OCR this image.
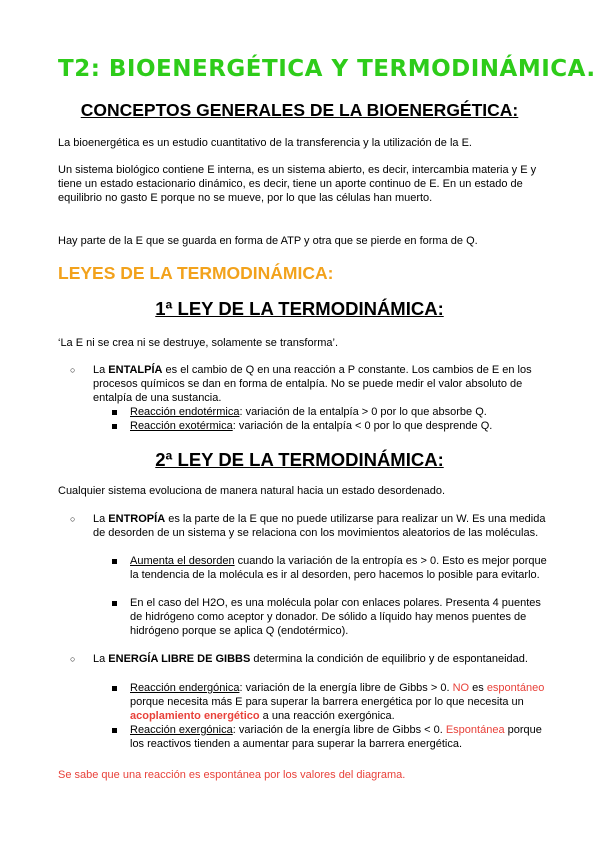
T2: BIOENERGÉTICA Y TERMODINÁMICA.
CONCEPTOS GENERALES DE LA BIOENERGÉTICA:

La bioenergética es un estudio cuantitativo de la transferencia y la utilización de la E.

Un sistema biológico contiene E interna, es un sistema abierto, es decir, intercambia materia y E y tiene un estado estacionario dinámico, es decir, tiene un aporte continuo de E. En un estado de equilibrio no gasto E porque no se mueve, por lo que las células han muerto.

Hay parte de la E que se guarda en forma de ATP y otra que se pierde en forma de Q.

LEYES DE LA TERMODINÁMICA:
1ª LEY DE LA TERMODINÁMICA:

‘La E ni se crea ni se destruye, solamente se transforma’.

○ La ENTALPÍA es el cambio de Q en una reacción a P constante. Los cambios de E en los procesos químicos se dan en forma de entalpía. No se puede medir el valor absoluto de entalpía de una sustancia.

Reacción endotérmica: variación de la entalpía > 0 por lo que absorbe Q.

Reacción exotérmica: variación de la entalpía < 0 por lo que desprende Q.

2ª LEY DE LA TERMODINÁMICA:

Cualquier sistema evoluciona de manera natural hacia un estado desordenado.

○ La ENTROPÍA es la parte de la E que no puede utilizarse para realizar un W. Es una medida de desorden de un sistema y se relaciona con los movimientos aleatorios de las moléculas.

Aumenta el desorden cuando la variación de la entropía es > 0. Esto es mejor porque la tendencia de la molécula es ir al desorden, pero hacemos lo posible para evitarlo.

En el caso del H2O, es una molécula polar con enlaces polares. Presenta 4 puentes de hidrógeno como aceptor y donador. De sólido a líquido hay menos puentes de hidrógeno porque se aplica Q (endotérmico).

○ La ENERGÍA LIBRE DE GIBBS determina la condición de equilibrio y de espontaneidad.

Reacción endergónica: variación de la energía libre de Gibbs > 0. NO es espontáneo porque necesita más E para superar la barrera energética por lo que necesita un acoplamiento energético a una reacción exergónica.

Reacción exergónica: variación de la energía libre de Gibbs < 0. Espontánea porque los reactivos tienden a aumentar para superar la barrera energética.

Se sabe que una reacción es espontánea por los valores del diagrama.
